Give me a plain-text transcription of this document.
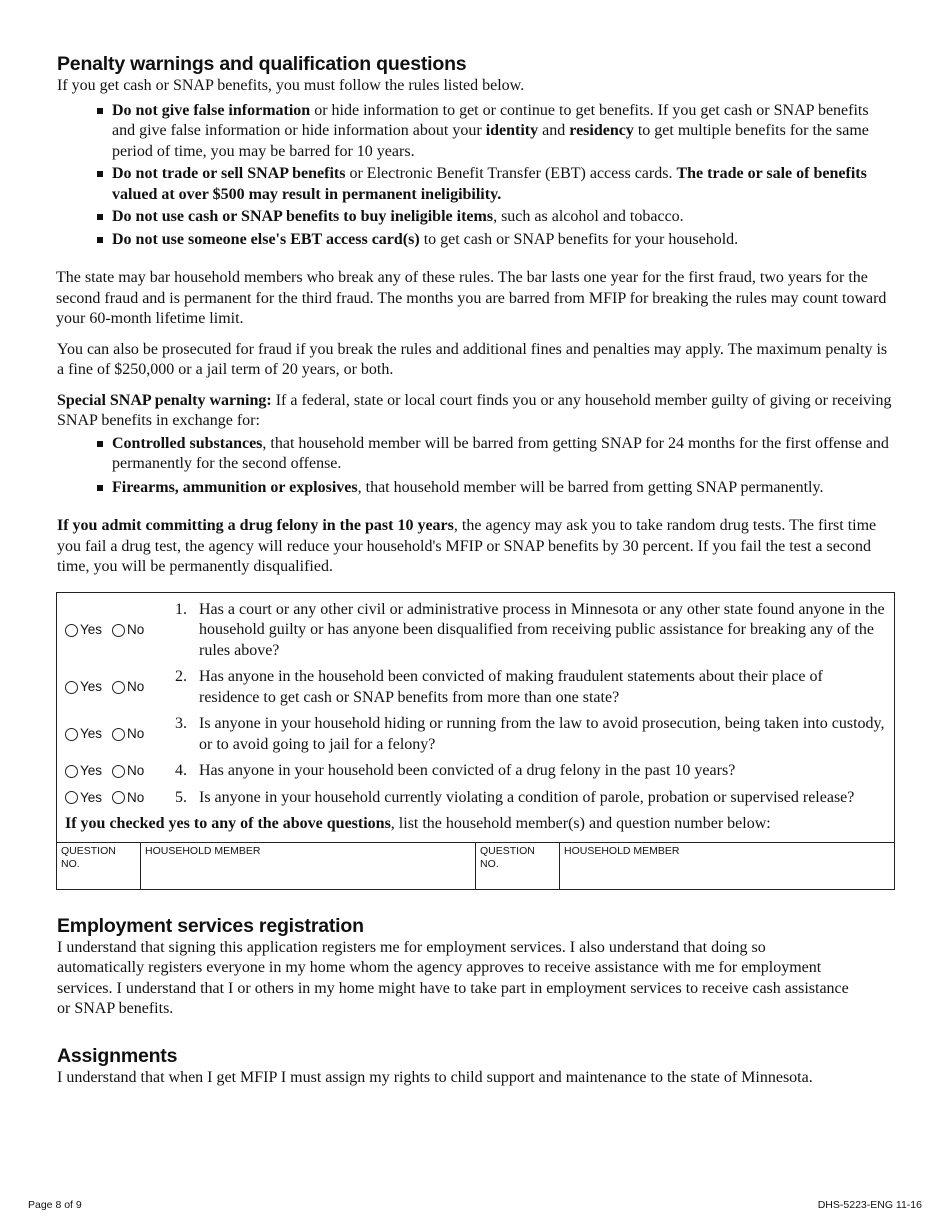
Penalty warnings and qualification questions

If you get cash or SNAP benefits, you must follow the rules listed below.

Do not give false information or hide information to get or continue to get benefits. If you get cash or SNAP benefits and give false information or hide information about your identity and residency to get multiple benefits for the same period of time, you may be barred for 10 years.
Do not trade or sell SNAP benefits or Electronic Benefit Transfer (EBT) access cards. The trade or sale of benefits valued at over $500 may result in permanent ineligibility.
Do not use cash or SNAP benefits to buy ineligible items, such as alcohol and tobacco.
Do not use someone else's EBT access card(s) to get cash or SNAP benefits for your household.

The state may bar household members who break any of these rules. The bar lasts one year for the first fraud, two years for the second fraud and is permanent for the third fraud. The months you are barred from MFIP for breaking the rules may count toward your 60-month lifetime limit.

You can also be prosecuted for fraud if you break the rules and additional fines and penalties may apply. The maximum penalty is a fine of $250,000 or a jail term of 20 years, or both.

Special SNAP penalty warning: If a federal, state or local court finds you or any household member guilty of giving or receiving SNAP benefits in exchange for:

Controlled substances, that household member will be barred from getting SNAP for 24 months for the first offense and permanently for the second offense.
Firearms, ammunition or explosives, that household member will be barred from getting SNAP permanently.

If you admit committing a drug felony in the past 10 years, the agency may ask you to take random drug tests. The first time you fail a drug test, the agency will reduce your household's MFIP or SNAP benefits by 30 percent. If you fail the test a second time, you will be permanently disqualified.

Yes No
1. Has a court or any other civil or administrative process in Minnesota or any other state found anyone in the household guilty or has anyone been disqualified from receiving public assistance for breaking any of the rules above?
Yes No
2. Has anyone in the household been convicted of making fraudulent statements about their place of residence to get cash or SNAP benefits from more than one state?
Yes No
3. Is anyone in your household hiding or running from the law to avoid prosecution, being taken into custody, or to avoid going to jail for a felony?
Yes No 4. Has anyone in your household been convicted of a drug felony in the past 10 years?
Yes No 5. Is anyone in your household currently violating a condition of parole, probation or supervised release?

If you checked yes to any of the above questions, list the household member(s) and question number below:

QUESTION NO.
HOUSEHOLD MEMBER	QUESTION NO.
HOUSEHOLD MEMBER
Employment services registration

I understand that signing this application registers me for employment services. I also understand that doing so automatically registers everyone in my home whom the agency approves to receive assistance with me for employment services. I understand that I or others in my home might have to take part in employment services to receive cash assistance or SNAP benefits.

Assignments

I understand that when I get MFIP I must assign my rights to child support and maintenance to the state of Minnesota.

Page 8 of 9	DHS-5223-ENG 11-16
